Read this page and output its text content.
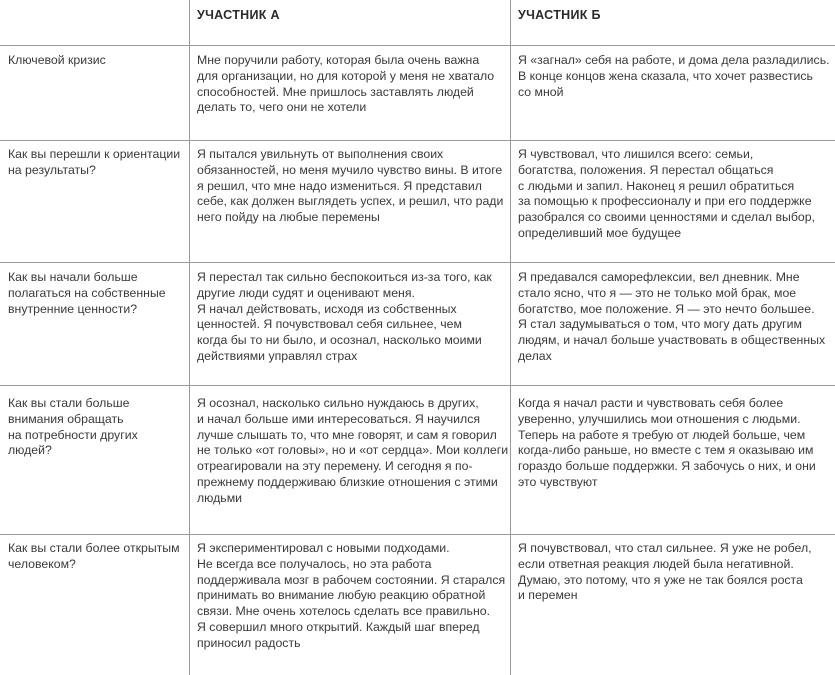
УЧАСТНИК А	УЧАСТНИК Б
Ключевой кризис	Мне поручили работу, которая была очень важна
для организации, но для которой у меня не хватало
способностей. Мне пришлось заставлять людей
делать то, чего они не хотели
Я «загнал» себя на работе, и дома дела разладились.
В конце концов жена сказала, что хочет развестись
со мной
Как вы перешли к ориентации
на результаты?
Я пытался увильнуть от выполнения своих
обязанностей, но меня мучило чувство вины. В итоге
я решил, что мне надо измениться. Я представил
себе, как должен выглядеть успех, и решил, что ради
него пойду на любые перемены
Я чувствовал, что лишился всего: семьи,
богатства, положения. Я перестал общаться
с людьми и запил. Наконец я решил обратиться
за помощью к профессионалу и при его поддержке
разобрался со своими ценностями и сделал выбор,
определивший мое будущее
Как вы начали больше
полагаться на собственные
внутренние ценности?
Я перестал так сильно беспокоиться из-за того, как
другие люди судят и оценивают меня.
Я начал действовать, исходя из собственных
ценностей. Я почувствовал себя сильнее, чем
когда бы то ни было, и осознал, насколько моими
действиями управлял страх
Я предавался саморефлексии, вел дневник. Мне
стало ясно, что я — это не только мой брак, мое
богатство, мое положение. Я — это нечто большее.
Я стал задумываться о том, что могу дать другим
людям, и начал больше участвовать в общественных
делах
Как вы стали больше
внимания обращать
на потребности других
людей?
Я осознал, насколько сильно нуждаюсь в других,
и начал больше ими интересоваться. Я научился
лучше слышать то, что мне говорят, и сам я говорил
не только «от головы», но и «от сердца». Мои коллеги
отреагировали на эту перемену. И сегодня я по-
прежнему поддерживаю близкие отношения с этими
людьми
Когда я начал расти и чувствовать себя более
уверенно, улучшились мои отношения с людьми.
Теперь на работе я требую от людей больше, чем
когда-либо раньше, но вместе с тем я оказываю им
гораздо больше поддержки. Я забочусь о них, и они
это чувствуют
Как вы стали более открытым
человеком?
Я экспериментировал с новыми подходами.
Не всегда все получалось, но эта работа
поддерживала мозг в рабочем состоянии. Я старался
принимать во внимание любую реакцию обратной
связи. Мне очень хотелось сделать все правильно.
Я совершил много открытий. Каждый шаг вперед
приносил радость
Я почувствовал, что стал сильнее. Я уже не робел,
если ответная реакция людей была негативной.
Думаю, это потому, что я уже не так боялся роста
и перемен
